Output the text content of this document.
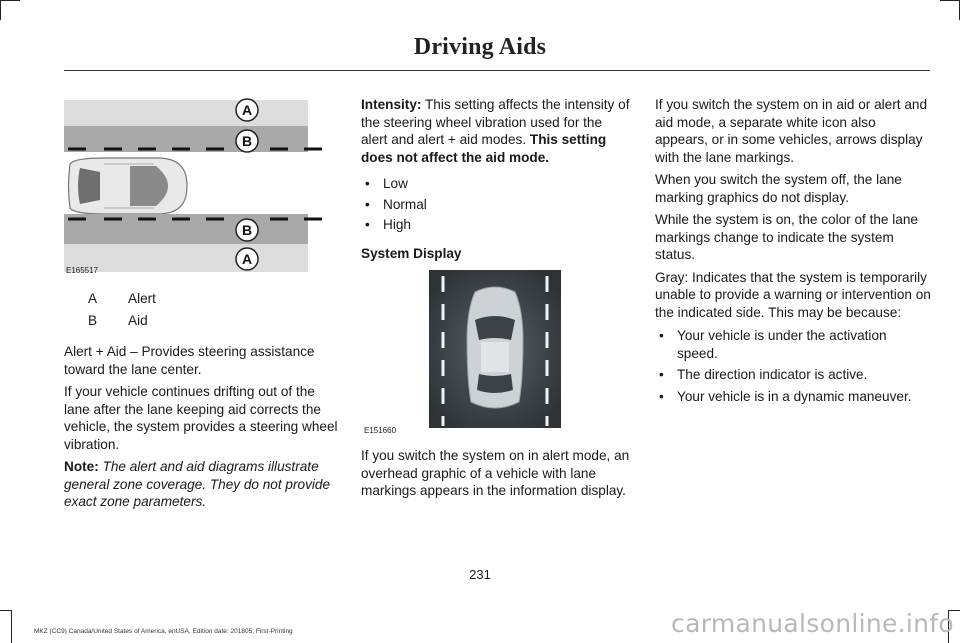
Driving Aids
A
B
B
A
E165517
A	Alert
B	Aid

Alert + Aid – Provides steering assistance toward the lane center.

If your vehicle continues drifting out of the lane after the lane keeping aid corrects the vehicle, the system provides a steering wheel vibration.

Note: The alert and aid diagrams illustrate general zone coverage. They do not provide exact zone parameters.

Intensity: This setting affects the intensity of the steering wheel vibration used for the alert and alert + aid modes. This setting does not affect the aid mode.

• Low
• Normal
• High

System Display

E151660

If you switch the system on in alert mode, an overhead graphic of a vehicle with lane markings appears in the information display.

If you switch the system on in aid or alert and aid mode, a separate white icon also appears, or in some vehicles, arrows display with the lane markings.

When you switch the system off, the lane marking graphics do not display.

While the system is on, the color of the lane markings change to indicate the system status.

Gray: Indicates that the system is temporarily unable to provide a warning or intervention on the indicated side. This may be because:

• Your vehicle is under the activation speed.
• The direction indicator is active.
• Your vehicle is in a dynamic maneuver.
231
MKZ (CC9) Canada/United States of America, enUSA, Edition date: 201805, First-Printing	carmanualsonline.info
